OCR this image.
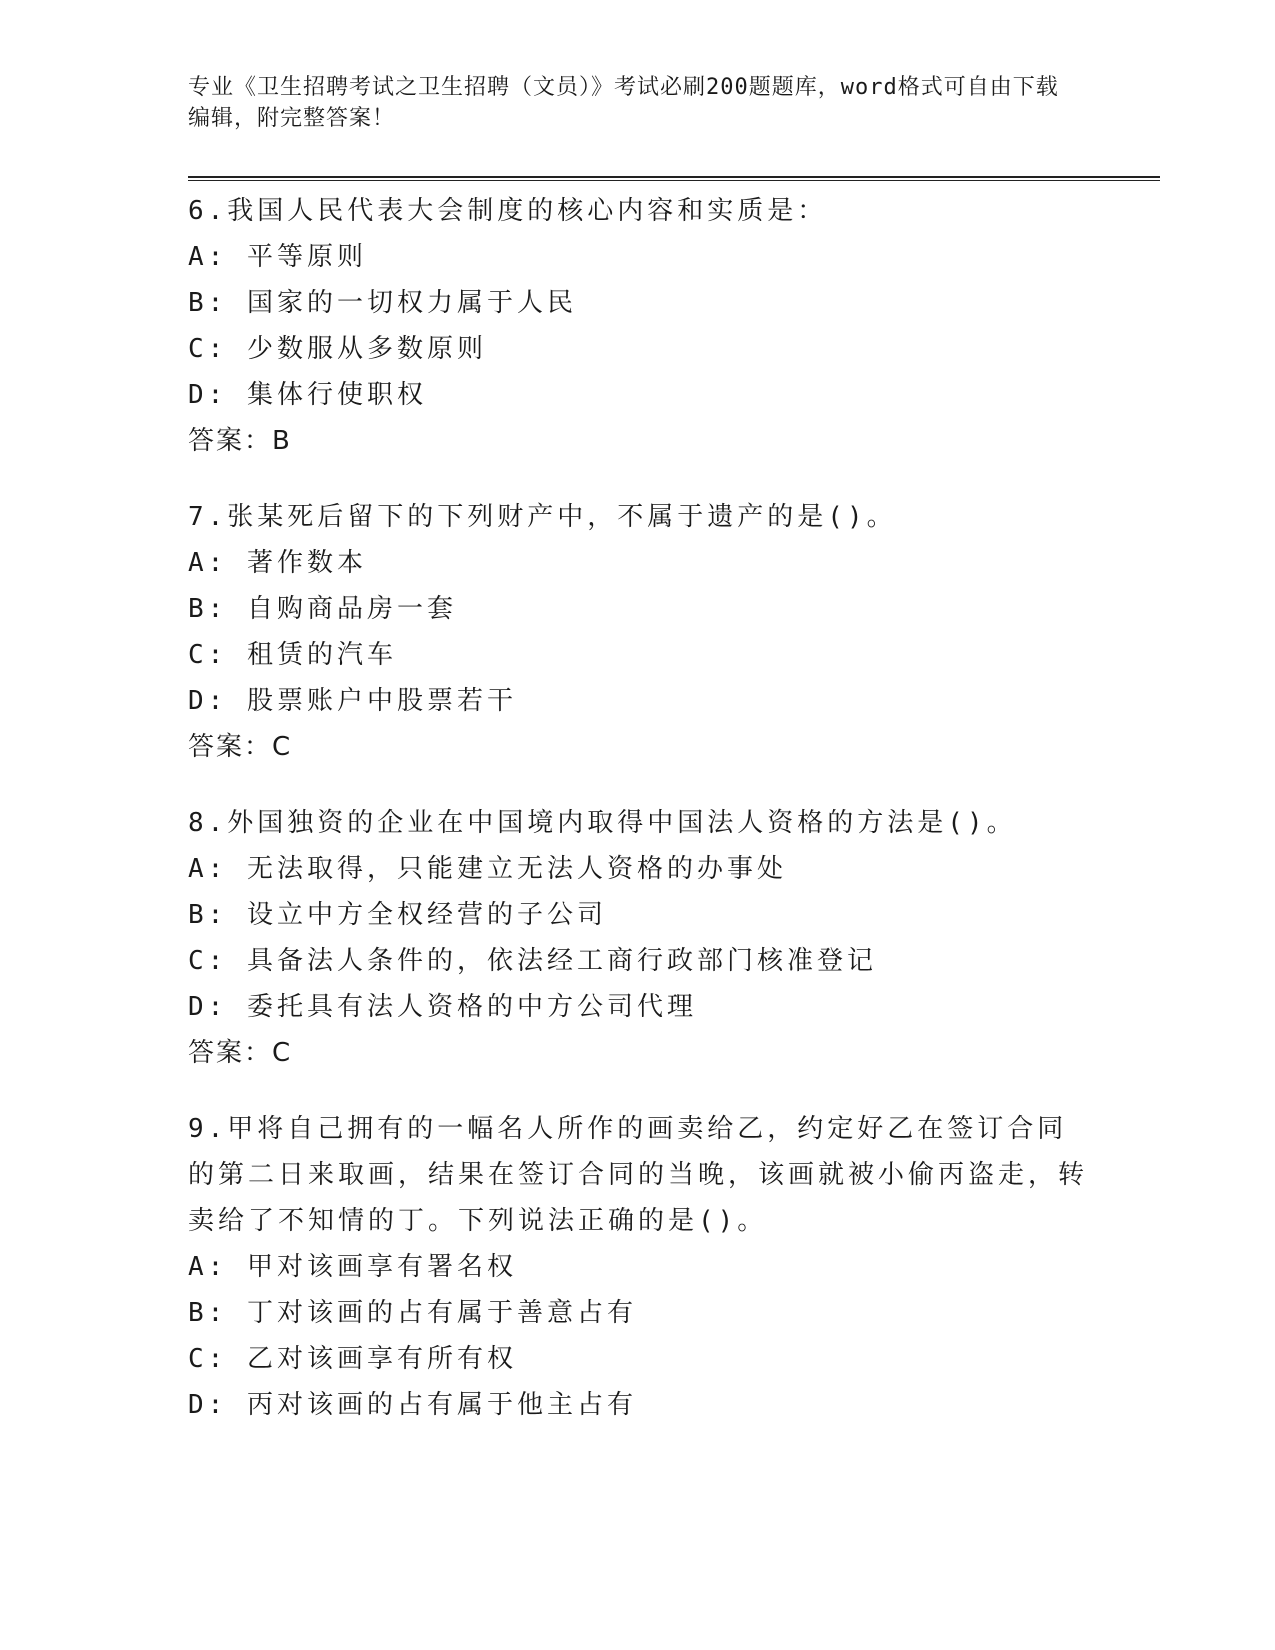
专业《卫生招聘考试之卫生招聘（文员）》考试必刷200题题库，word格式可自由下载编辑，附完整答案！
6.我国人民代表大会制度的核心内容和实质是：
A: 平等原则
B: 国家的一切权力属于人民
C: 少数服从多数原则
D: 集体行使职权
答案：B
7.张某死后留下的下列财产中，不属于遗产的是()。
A: 著作数本
B: 自购商品房一套
C: 租赁的汽车
D: 股票账户中股票若干
答案：C
8.外国独资的企业在中国境内取得中国法人资格的方法是()。
A: 无法取得，只能建立无法人资格的办事处
B: 设立中方全权经营的子公司
C: 具备法人条件的，依法经工商行政部门核准登记
D: 委托具有法人资格的中方公司代理
答案：C
9.甲将自己拥有的一幅名人所作的画卖给乙，约定好乙在签订合同的第二日来取画，结果在签订合同的当晚，该画就被小偷丙盗走，转卖给了不知情的丁。下列说法正确的是()。
A: 甲对该画享有署名权
B: 丁对该画的占有属于善意占有
C: 乙对该画享有所有权
D: 丙对该画的占有属于他主占有
